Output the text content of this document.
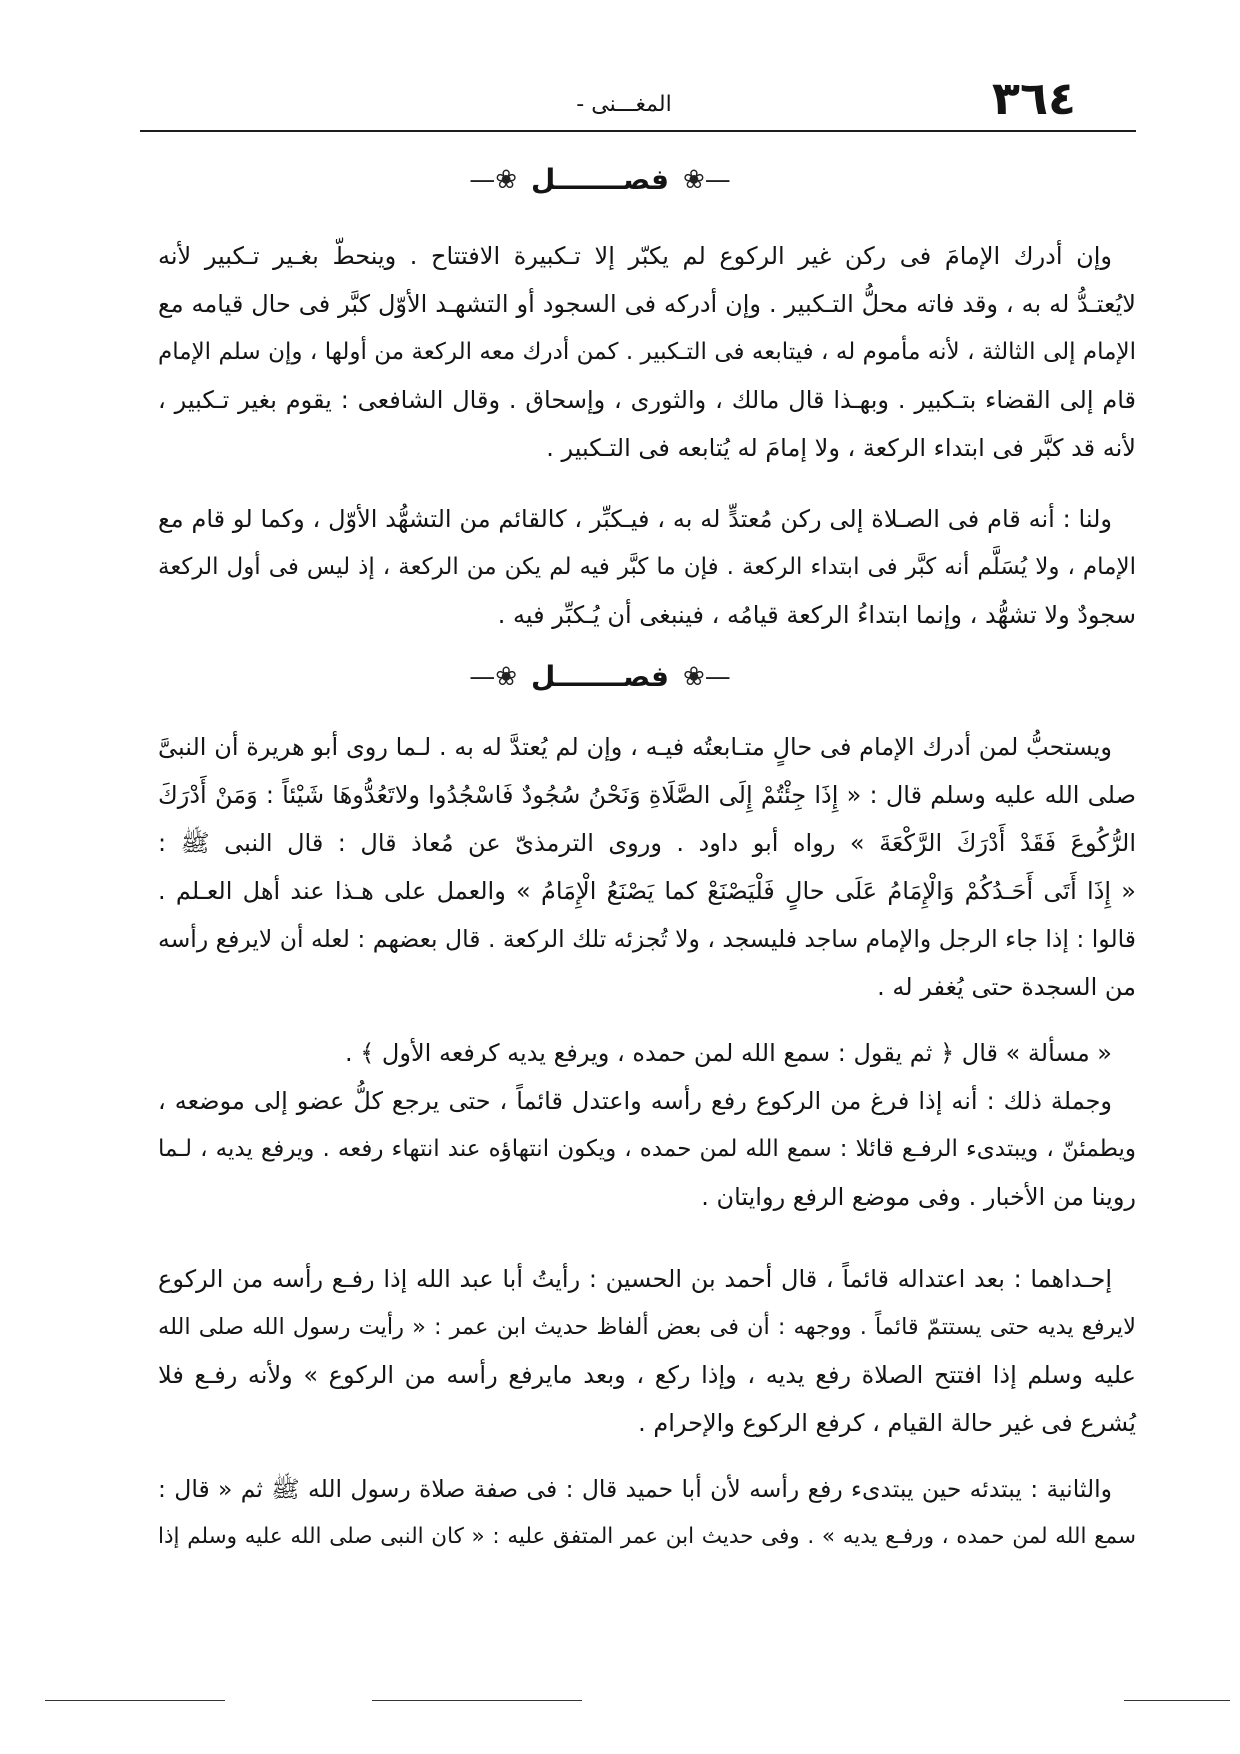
٣٦٤
المغـــنى -
—❀
فصـــــــل
❀—
وإن أدرك الإمامَ فى ركن غير الركوع لم يكبّر إلا تـكبيرة الافتتاح . وينحطّ بغـير تـكبير لأنه
لايُعتـدُّ له به ، وقد فاته محلُّ التـكبير . وإن أدركه فى السجود أو التشهـد الأوّل كبَّر فى حال قيامه مع
الإمام إلى الثالثة ، لأنه مأموم له ، فيتابعه فى التـكبير . كمن أدرك معه الركعة من أولها ، وإن سلم الإمام
قام إلى القضاء بتـكبير . وبهـذا قال مالك ، والثورى ، وإسحاق . وقال الشافعى : يقوم بغير تـكبير ،
لأنه قد كبَّر فى ابتداء الركعة ، ولا إمامَ له يُتابعه فى التـكبير .
ولنا : أنه قام فى الصـلاة إلى ركن مُعتدٍّ له به ، فيـكبِّر ، كالقائم من التشهُّد الأوّل ، وكما لو قام مع
الإمام ، ولا يُسَلَّم أنه كبَّر فى ابتداء الركعة . فإن ما كبَّر فيه لم يكن من الركعة ، إذ ليس فى أول الركعة
سجودٌ ولا تشهُّد ، وإنما ابتداءُ الركعة قيامُه ، فينبغى أن يُـكبِّر فيه .
—❀
فصـــــــل
❀—
ويستحبُّ لمن أدرك الإمام فى حالٍ متـابعتُه فيـه ، وإن لم يُعتدَّ له به . لـما روى أبو هريرة أن النبىَّ
صلى الله عليه وسلم قال : « إِذَا جِئْتُمْ إِلَى الصَّلَاةِ وَنَحْنُ سُجُودٌ فَاسْجُدُوا ولاتَعُدُّوهَا شَيْئاً : وَمَنْ أَدْرَكَ
الرُّكُوعَ فَقَدْ أَدْرَكَ الرَّكْعَةَ » رواه أبو داود . وروى الترمذىّ عن مُعاذ قال : قال النبى ﷺ :
« إِذَا أَتَى أَحَـدُكُمْ وَالْإِمَامُ عَلَى حالٍ فَلْيَصْنَعْ كما يَصْنَعُ الْإِمَامُ » والعمل على هـذا عند أهل العـلم .
قالوا : إذا جاء الرجل والإمام ساجد فليسجد ، ولا تُجزئه تلك الركعة . قال بعضهم : لعله أن لايرفع رأسه
من السجدة حتى يُغفر له .
« مسألة » قال ﴿ ثم يقول : سمع الله لمن حمده ، ويرفع يديه كرفعه الأول ﴾ .
وجملة ذلك : أنه إذا فرغ من الركوع رفع رأسه واعتدل قائماً ، حتى يرجع كلُّ عضو إلى موضعه ،
ويطمئنّ ، ويبتدىء الرفـع قائلا : سمع الله لمن حمده ، ويكون انتهاؤه عند انتهاء رفعه . ويرفع يديه ، لـما
روينا من الأخبار . وفى موضع الرفع روايتان .
إحـداهما : بعد اعتداله قائماً ، قال أحمد بن الحسين : رأيتُ أبا عبد الله إذا رفـع رأسه من الركوع
لايرفع يديه حتى يستتمّ قائماً . ووجهه : أن فى بعض ألفاظ حديث ابن عمر : « رأيت رسول الله صلى الله
عليه وسلم إذا افتتح الصلاة رفع يديه ، وإذا ركع ، وبعد مايرفع رأسه من الركوع » ولأنه رفـع فلا
يُشرع فى غير حالة القيام ، كرفع الركوع والإحرام .
والثانية : يبتدئه حين يبتدىء رفع رأسه لأن أبا حميد قال : فى صفة صلاة رسول الله ﷺ ثم « قال :
سمع الله لمن حمده ، ورفـع يديه » . وفى حديث ابن عمر المتفق عليه : « كان النبى صلى الله عليه وسلم إذا
